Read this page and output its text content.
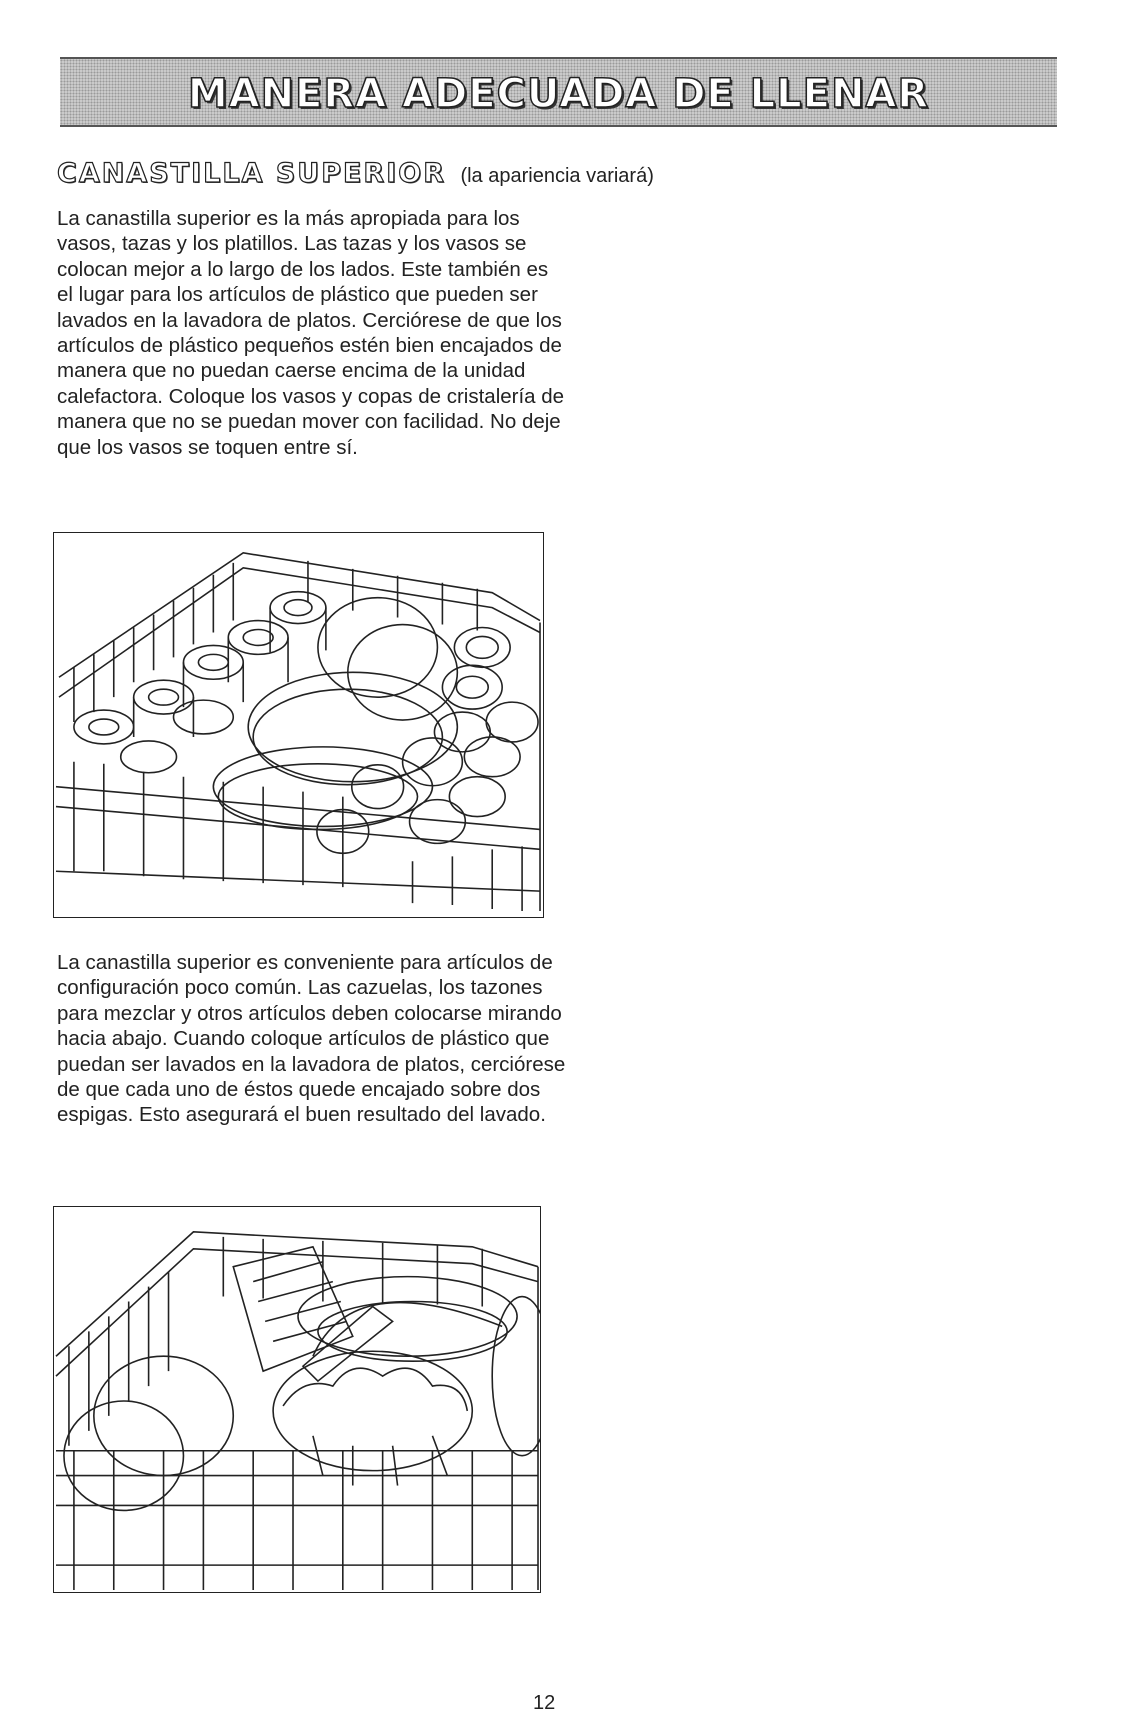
MANERA ADECUADA DE LLENAR
CANASTILLA SUPERIOR (la apariencia variará)
La canastilla superior es la más apropiada para los vasos, tazas y los platillos. Las tazas y los vasos se colocan mejor a lo largo de los lados. Este también es el lugar para los artículos de plástico que pueden ser lavados en la lavadora de platos. Cerciórese de que los artículos de plástico pequeños estén bien encajados de manera que no puedan caerse encima de la unidad calefactora. Coloque los vasos y copas de cristalería de manera que no se puedan mover con facilidad. No deje que los vasos se toquen entre sí.
La canastilla superior es conveniente para artículos de configuración poco común. Las cazuelas, los tazones para mezclar y otros artículos deben colocarse mirando hacia abajo. Cuando coloque artículos de plástico que puedan ser lavados en la lavadora de platos, cerciórese de que cada uno de éstos quede encajado sobre dos espigas. Esto asegurará el buen resultado del lavado.
12
